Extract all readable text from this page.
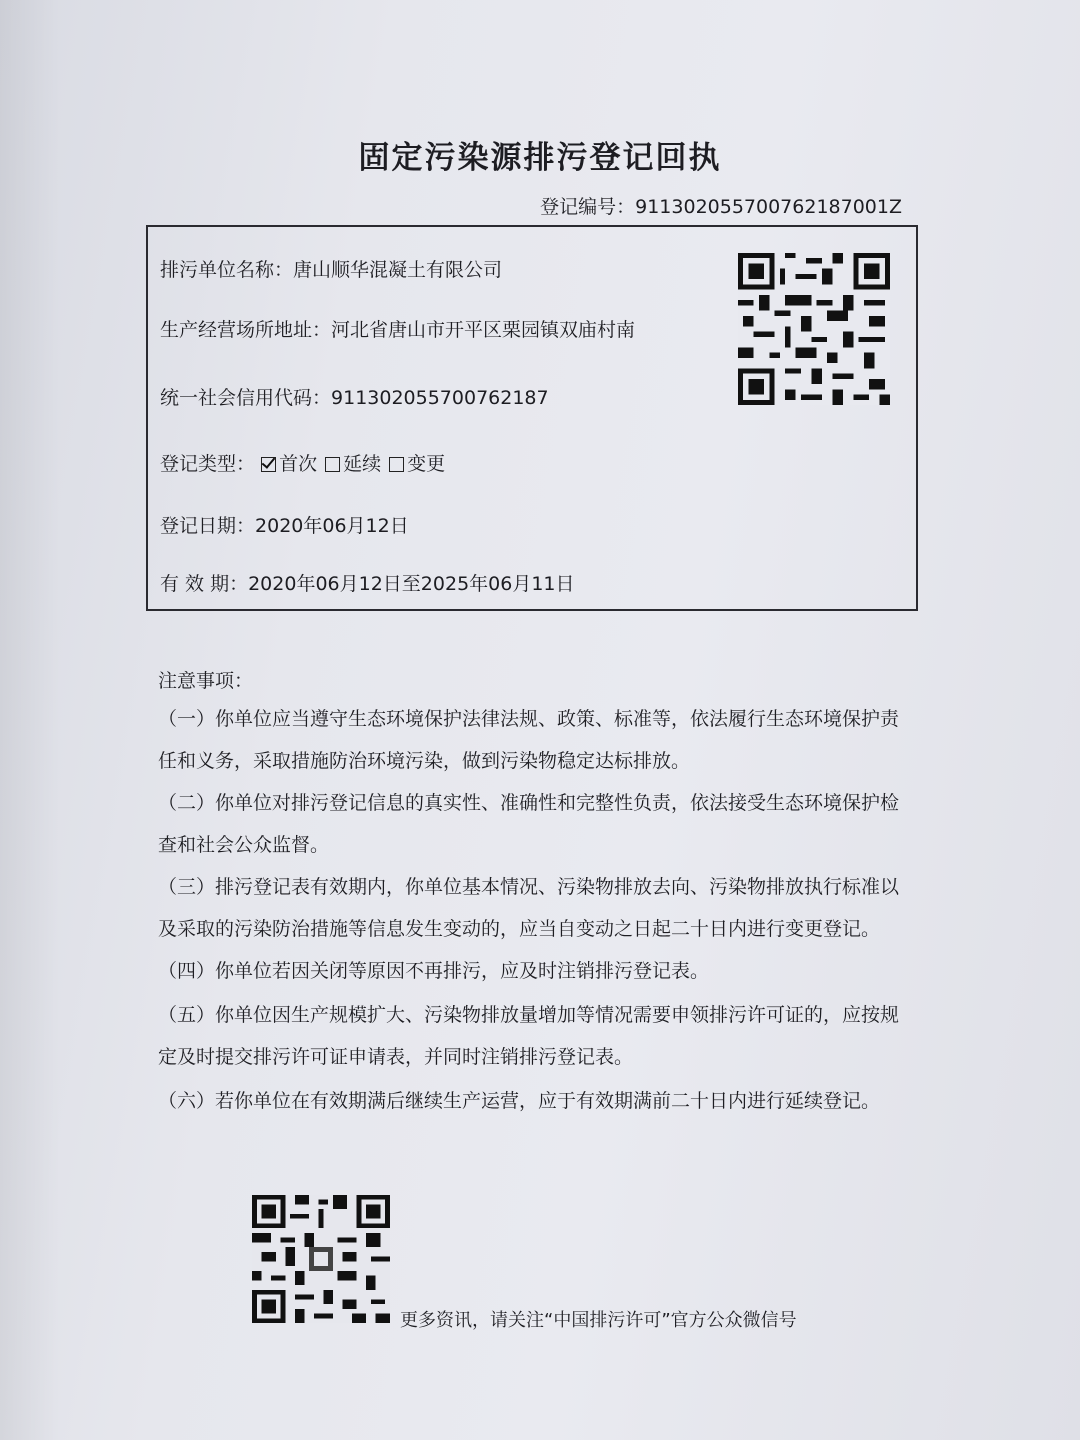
固定污染源排污登记回执
登记编号：91130205570076218700​1Z
排污单位名称：唐山顺华混凝土有限公司
生产经营场所地址：河北省唐山市开平区栗园镇双庙村南
统一社会信用代码：911302055700762187
登记类型： 首次 延续 变更
登记日期：2020年06月12日
有 效 期：2020年06月12日至2025年06月11日
注意事项：
（一）你单位应当遵守生态环境保护法律法规、政策、标准等，依法履行生态环境保护责
任和义务，采取措施防治环境污染，做到污染物稳定达标排放。
（二）你单位对排污登记信息的真实性、准确性和完整性负责，依法接受生态环境保护检
查和社会公众监督。
（三）排污登记表有效期内，你单位基本情况、污染物排放去向、污染物排放执行标准以
及采取的污染防治措施等信息发生变动的，应当自变动之日起二十日内进行变更登记。
（四）你单位若因关闭等原因不再排污，应及时注销排污登记表。
（五）你单位因生产规模扩大、污染物排放量增加等情况需要申领排污许可证的，应按规
定及时提交排污许可证申请表，并同时注销排污登记表。
（六）若你单位在有效期满后继续生产运营，应于有效期满前二十日内进行延续登记。
更多资讯，请关注“中国排污许可”官方公众微信号
